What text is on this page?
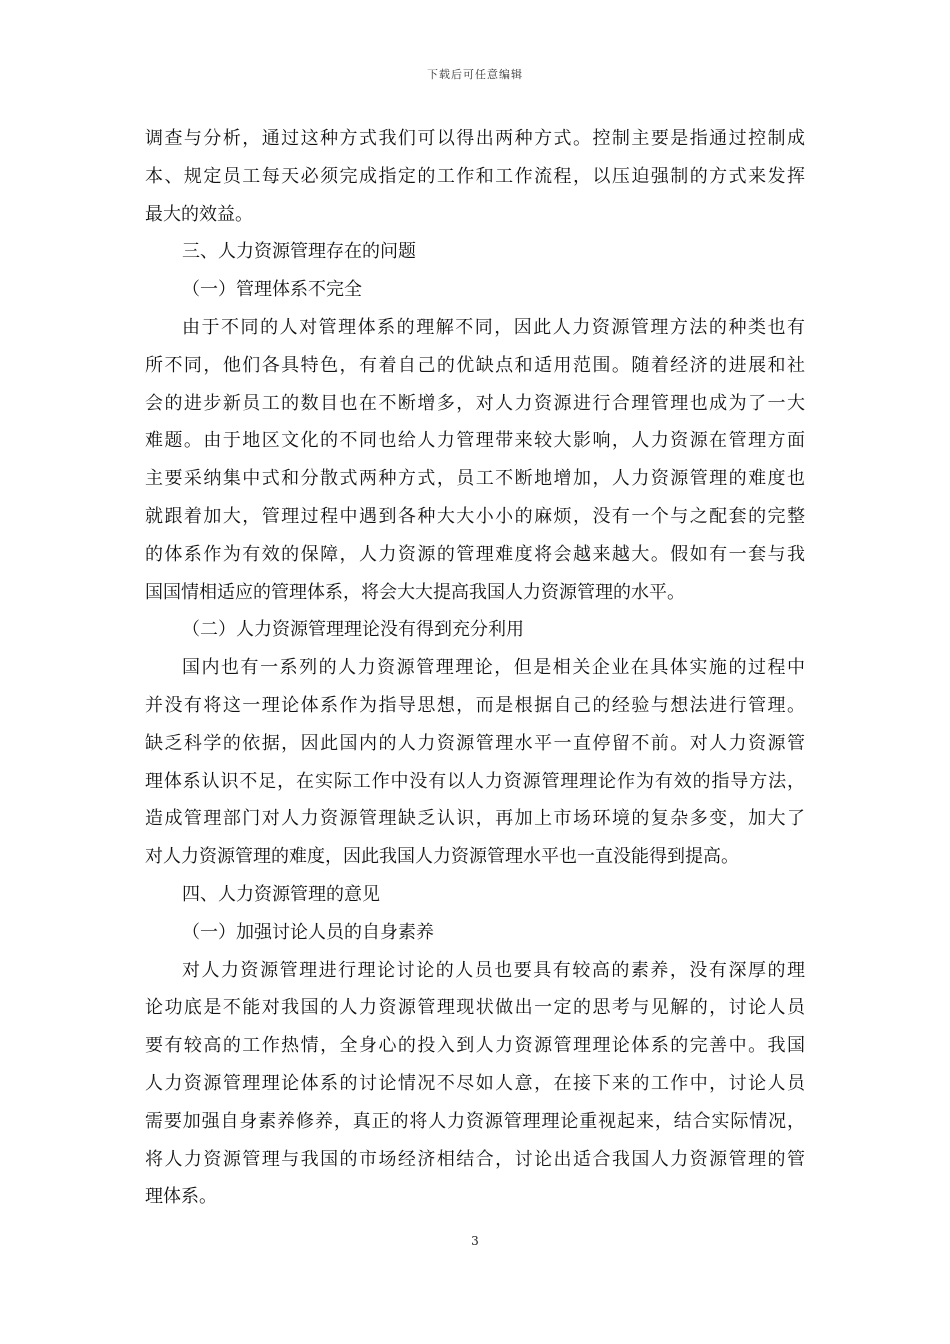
下载后可任意编辑
调查与分析，通过这种方式我们可以得出两种方式。控制主要是指通过控制成
本、规定员工每天必须完成指定的工作和工作流程，以压迫强制的方式来发挥
最大的效益。
三、人力资源管理存在的问题
（一）管理体系不完全
由于不同的人对管理体系的理解不同，因此人力资源管理方法的种类也有
所不同，他们各具特色，有着自己的优缺点和适用范围。随着经济的进展和社
会的进步新员工的数目也在不断增多，对人力资源进行合理管理也成为了一大
难题。由于地区文化的不同也给人力管理带来较大影响，人力资源在管理方面
主要采纳集中式和分散式两种方式，员工不断地增加，人力资源管理的难度也
就跟着加大，管理过程中遇到各种大大小小的麻烦，没有一个与之配套的完整
的体系作为有效的保障，人力资源的管理难度将会越来越大。假如有一套与我
国国情相适应的管理体系，将会大大提高我国人力资源管理的水平。
（二）人力资源管理理论没有得到充分利用
国内也有一系列的人力资源管理理论，但是相关企业在具体实施的过程中
并没有将这一理论体系作为指导思想，而是根据自己的经验与想法进行管理。
缺乏科学的依据，因此国内的人力资源管理水平一直停留不前。对人力资源管
理体系认识不足，在实际工作中没有以人力资源管理理论作为有效的指导方法，
造成管理部门对人力资源管理缺乏认识，再加上市场环境的复杂多变，加大了
对人力资源管理的难度，因此我国人力资源管理水平也一直没能得到提高。
四、人力资源管理的意见
（一）加强讨论人员的自身素养
对人力资源管理进行理论讨论的人员也要具有较高的素养，没有深厚的理
论功底是不能对我国的人力资源管理现状做出一定的思考与见解的，讨论人员
要有较高的工作热情，全身心的投入到人力资源管理理论体系的完善中。我国
人力资源管理理论体系的讨论情况不尽如人意，在接下来的工作中，讨论人员
需要加强自身素养修养，真正的将人力资源管理理论重视起来，结合实际情况，
将人力资源管理与我国的市场经济相结合，讨论出适合我国人力资源管理的管
理体系。
3
